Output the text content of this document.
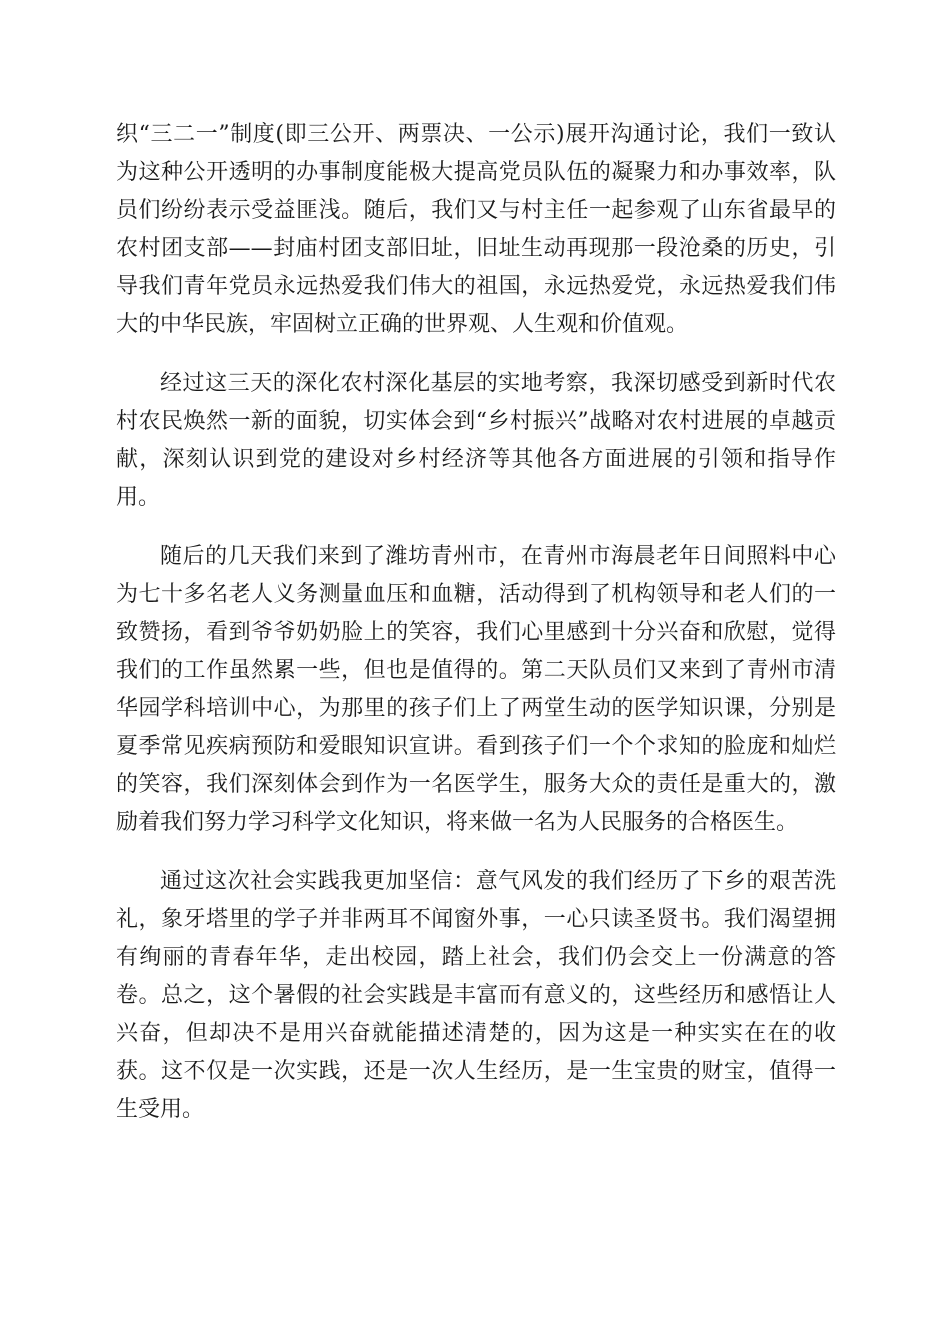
织“三二一”制度(即三公开、两票决、一公示)展开沟通讨论，我们一致认为这种公开透明的办事制度能极大提高党员队伍的凝聚力和办事效率，队员们纷纷表示受益匪浅。随后，我们又与村主任一起参观了山东省最早的农村团支部——封庙村团支部旧址，旧址生动再现那一段沧桑的历史，引导我们青年党员永远热爱我们伟大的祖国，永远热爱党，永远热爱我们伟大的中华民族，牢固树立正确的世界观、人生观和价值观。

经过这三天的深化农村深化基层的实地考察，我深切感受到新时代农村农民焕然一新的面貌，切实体会到“乡村振兴”战略对农村进展的卓越贡献，深刻认识到党的建设对乡村经济等其他各方面进展的引领和指导作用。

随后的几天我们来到了潍坊青州市，在青州市海晨老年日间照料中心为七十多名老人义务测量血压和血糖，活动得到了机构领导和老人们的一致赞扬，看到爷爷奶奶脸上的笑容，我们心里感到十分兴奋和欣慰，觉得我们的工作虽然累一些，但也是值得的。第二天队员们又来到了青州市清华园学科培训中心，为那里的孩子们上了两堂生动的医学知识课，分别是夏季常见疾病预防和爱眼知识宣讲。看到孩子们一个个求知的脸庞和灿烂的笑容，我们深刻体会到作为一名医学生，服务大众的责任是重大的，激励着我们努力学习科学文化知识，将来做一名为人民服务的合格医生。

通过这次社会实践我更加坚信：意气风发的我们经历了下乡的艰苦洗礼，象牙塔里的学子并非两耳不闻窗外事，一心只读圣贤书。我们渴望拥有绚丽的青春年华，走出校园，踏上社会，我们仍会交上一份满意的答卷。总之，这个暑假的社会实践是丰富而有意义的，这些经历和感悟让人兴奋，但却决不是用兴奋就能描述清楚的，因为这是一种实实在在的收获。这不仅是一次实践，还是一次人生经历，是一生宝贵的财宝，值得一生受用。
